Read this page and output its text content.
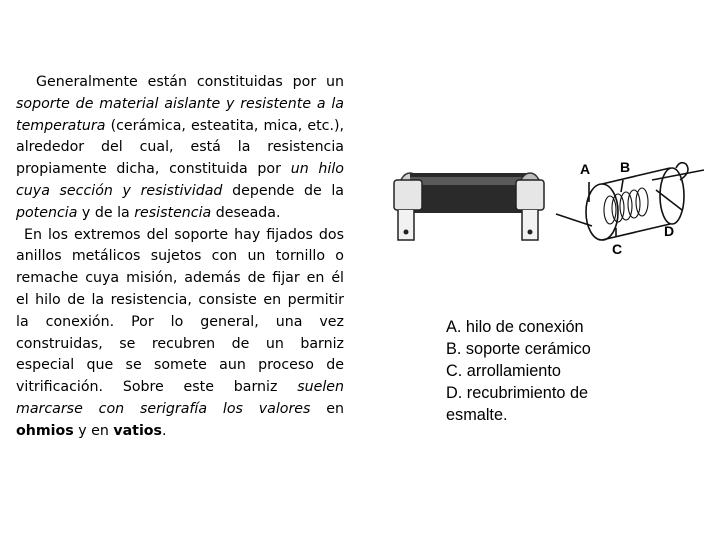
Generalmente están constituidas por un soporte de material aislante y resistente a la temperatura (cerámica, esteatita, mica, etc.), alrededor del cual, está la resistencia propiamente dicha, constituida por un hilo cuya sección y resistividad depende de la potencia y de la resistencia deseada.

En los extremos del soporte hay fijados dos anillos metálicos sujetos con un tornillo o remache cuya misión, además de fijar en él el hilo de la resistencia, consiste en permitir la conexión. Por lo general, una vez construidas, se recubren de un barniz especial que se somete aun proceso de vitrificación. Sobre este barniz suelen marcarse con serigrafía los valores en ohmios y en vatios.

A B
C
D
A. hilo de conexión
B. soporte cerámico
C. arrollamiento
D. recubrimiento de
esmalte.
